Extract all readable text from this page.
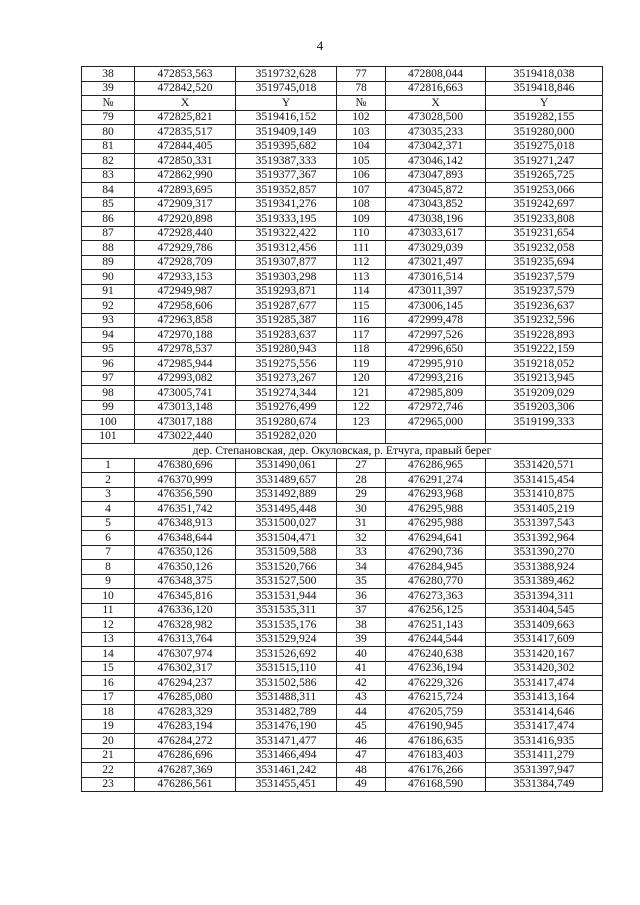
4
38	472853,563	3519732,628	77	472808,044	3519418,038
39	472842,520	3519745,018	78	472816,663	3519418,846
№	X	Y	№	X	Y
79	472825,821	3519416,152	102	473028,500	3519282,155
80	472835,517	3519409,149	103	473035,233	3519280,000
81	472844,405	3519395,682	104	473042,371	3519275,018
82	472850,331	3519387,333	105	473046,142	3519271,247
83	472862,990	3519377,367	106	473047,893	3519265,725
84	472893,695	3519352,857	107	473045,872	3519253,066
85	472909,317	3519341,276	108	473043,852	3519242,697
86	472920,898	3519333,195	109	473038,196	3519233,808
87	472928,440	3519322,422	110	473033,617	3519231,654
88	472929,786	3519312,456	111	473029,039	3519232,058
89	472928,709	3519307,877	112	473021,497	3519235,694
90	472933,153	3519303,298	113	473016,514	3519237,579
91	472949,987	3519293,871	114	473011,397	3519237,579
92	472958,606	3519287,677	115	473006,145	3519236,637
93	472963,858	3519285,387	116	472999,478	3519232,596
94	472970,188	3519283,637	117	472997,526	3519228,893
95	472978,537	3519280,943	118	472996,650	3519222,159
96	472985,944	3519275,556	119	472995,910	3519218,052
97	472993,082	3519273,267	120	472993,216	3519213,945
98	473005,741	3519274,344	121	472985,809	3519209,029
99	473013,148	3519276,499	122	472972,746	3519203,306
100	473017,188	3519280,674	123	472965,000	3519199,333
101	473022,440	3519282,020			
дер. Степановская, дер. Окуловская, р. Етчуга, правый берег					
1	476380,696	3531490,061	27	476286,965	3531420,571
2	476370,999	3531489,657	28	476291,274	3531415,454
3	476356,590	3531492,889	29	476293,968	3531410,875
4	476351,742	3531495,448	30	476295,988	3531405,219
5	476348,913	3531500,027	31	476295,988	3531397,543
6	476348,644	3531504,471	32	476294,641	3531392,964
7	476350,126	3531509,588	33	476290,736	3531390,270
8	476350,126	3531520,766	34	476284,945	3531388,924
9	476348,375	3531527,500	35	476280,770	3531389,462
10	476345,816	3531531,944	36	476273,363	3531394,311
11	476336,120	3531535,311	37	476256,125	3531404,545
12	476328,982	3531535,176	38	476251,143	3531409,663
13	476313,764	3531529,924	39	476244,544	3531417,609
14	476307,974	3531526,692	40	476240,638	3531420,167
15	476302,317	3531515,110	41	476236,194	3531420,302
16	476294,237	3531502,586	42	476229,326	3531417,474
17	476285,080	3531488,311	43	476215,724	3531413,164
18	476283,329	3531482,789	44	476205,759	3531414,646
19	476283,194	3531476,190	45	476190,945	3531417,474
20	476284,272	3531471,477	46	476186,635	3531416,935
21	476286,696	3531466,494	47	476183,403	3531411,279
22	476287,369	3531461,242	48	476176,266	3531397,947
23	476286,561	3531455,451	49	476168,590	3531384,749
